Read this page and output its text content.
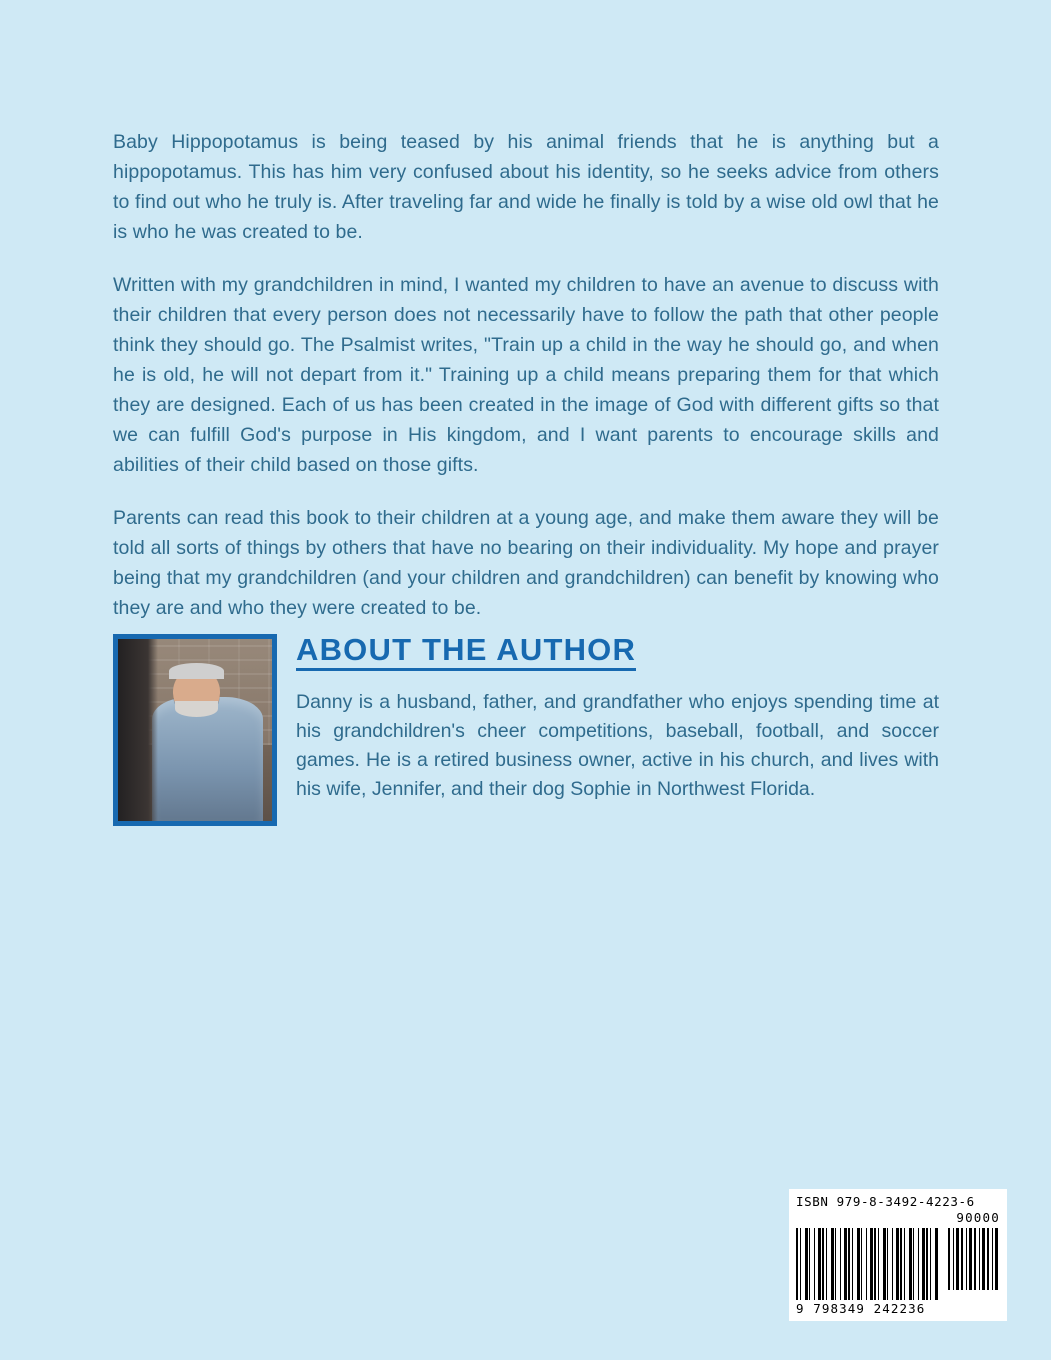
Baby Hippopotamus is being teased by his animal friends that he is anything but a hippopotamus. This has him very confused about his identity, so he seeks advice from others to find out who he truly is. After traveling far and wide he finally is told by a wise old owl that he is who he was created to be.

Written with my grandchildren in mind, I wanted my children to have an avenue to discuss with their children that every person does not necessarily have to follow the path that other people think they should go. The Psalmist writes, "Train up a child in the way he should go, and when he is old, he will not depart from it." Training up a child means preparing them for that which they are designed. Each of us has been created in the image of God with different gifts so that we can fulfill God's purpose in His kingdom, and I want parents to encourage skills and abilities of their child based on those gifts.

Parents can read this book to their children at a young age, and make them aware they will be told all sorts of things by others that have no bearing on their individuality. My hope and prayer being that my grandchildren (and your children and grandchildren) can benefit by knowing who they are and who they were created to be.

ABOUT THE AUTHOR

Danny is a husband, father, and grandfather who enjoys spending time at his grandchildren's cheer competitions, baseball, football, and soccer games. He is a retired business owner, active in his church, and lives with his wife, Jennifer, and their dog Sophie in Northwest Florida.

ISBN 979-8-3492-4223-6
90000
9 798349 242236
